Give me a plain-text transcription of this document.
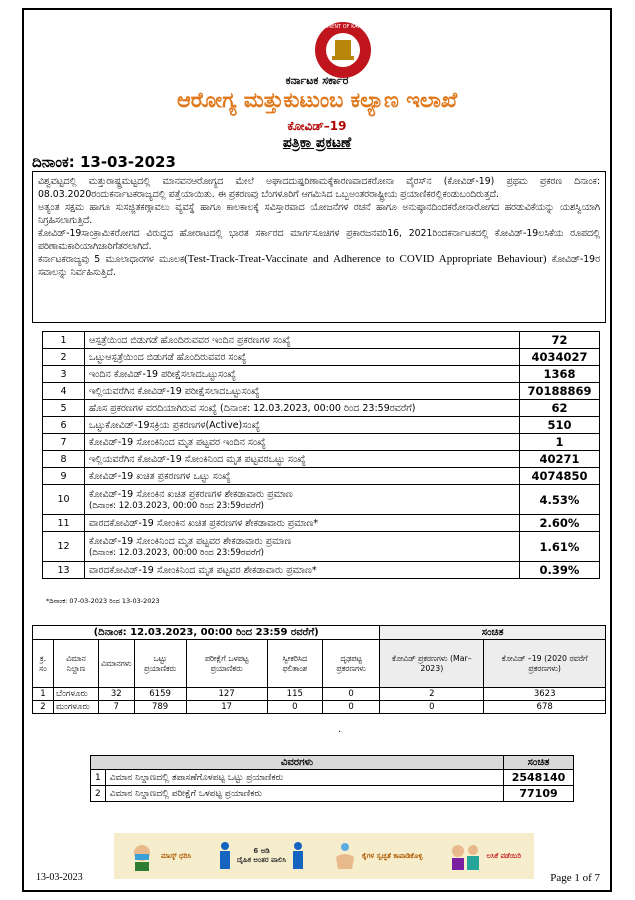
GOVERNMENT OF KARNATAKA
ಕರ್ನಾಟಕ ಸರ್ಕಾರ
ಆರೋಗ್ಯ ಮತ್ತುಕುಟುಂಬ ಕಲ್ಯಾಣ ಇಲಾಖೆ
ಕೋವಿಡ್–19
ಪತ್ರಿಕಾ ಪ್ರಕಟಣೆ
ದಿನಾಂಕ: 13-03-2023

ವಿಶ್ವವಟ್ಟದಲ್ಲಿ ಮತ್ತುರಾಷ್ಟ್ರಮಟ್ಟದಲ್ಲಿ ಮಾನವನಆರೋಗ್ಯದ ಮೇಲೆ ಅಘಾದದುಷ್ಪರಿಣಾಮಕ್ಕೆಕಾರಣವಾದಕರೋನಾ ವೈರಸ್‌ನ (ಕೋವಿಡ್-19) ಪ್ರಥಮ ಪ್ರಕರಣ ದಿನಾಂಕ: 08.03.2020ರಂದುಕರ್ನಾಟಕರಾಜ್ಯದಲ್ಲಿ ಪತ್ತೆಯಾಯಿತು. ಈ ಪ್ರಕರಣವು ಬೆಂಗಳೂರಿಗೆ ಆಗಮಿಸಿದ ಒಬ್ಬಅಂತರರಾಷ್ಟ್ರೀಯ ಪ್ರಯಾಣಿಕರಲ್ಲಿಕಂಡುಬಂದಿರುತ್ತದೆ.

ಅತ್ಯಂತ ಸಕ್ಷಮ ಹಾಗೂ ಸುಸಜ್ಜಿತಕಣ್ಗಾವಲು ವ್ಯವಸ್ಥೆ ಹಾಗೂ ಕಾಲಕಾಲಕ್ಕೆ ಸವಿಸ್ತಾರವಾದ ಯೋಜನೆಗಳ ರಚನೆ ಹಾಗೂ ಅನುಷ್ಠಾನದಿಂದಕರೋನಾರೋಗದ ಹರಡುವಿಕೆಯನ್ನು ಯಶಸ್ವಿಯಾಗಿ ನಿಗ್ರಹಿಸಲಾಗುತ್ತಿದೆ.

ಕೋವಿಡ್-19ಸಾಂಕ್ರಾಮಿಕರೋಗದ ವಿರುದ್ಧದ ಹೋರಾಟದಲ್ಲಿ ಭಾರತ ಸರ್ಕಾರದ ಮಾರ್ಗಸೂಚಿಗಳ ಪ್ರಕಾರಜನವರಿ16, 2021ರಿಂದಕರ್ನಾಟಕದಲ್ಲಿ ಕೋವಿಡ್-19ಲಸಿಕೆಯ ರೂಪದಲ್ಲಿ ಪರಿಣಾಮಕಾರಿಯಾಗಿಜಾರಿಗೆತರಲಾಗಿದೆ.

ಕರ್ನಾಟಕರಾಜ್ಯವು 5 ಮೂಲಾಧಾರಗಳ ಮೂಲಕ(Test-Track-Treat-Vaccinate and Adherence to COVID Appropriate Behaviour) ಕೋವಿಡ್-19ರ ಸವಾಲನ್ನು ನಿರ್ವಹಿಸುತ್ತಿದೆ.

1	ಆಸ್ಪತ್ರೆಯಿಂದ ಬಿಡುಗಡೆ ಹೊಂದಿರುವವರ ಇಂದಿನ ಪ್ರಕರಣಗಳ ಸಂಖ್ಯೆ	72
2	ಒಟ್ಟುಆಸ್ಪತ್ರೆಯಿಂದ ಬಿಡುಗಡೆ ಹೊಂದಿರುವವರ ಸಂಖ್ಯೆ	4034027
3	ಇಂದಿನ ಕೋವಿಡ್-19 ಪರೀಕ್ಷೆಸಲಾದಒಟ್ಟುಸಂಖ್ಯೆ	1368
4	ಇಲ್ಲಿಯವರೆಗಿನ ಕೋವಿಡ್-19 ಪರೀಕ್ಷೆಸಲಾದಒಟ್ಟುಸಂಖ್ಯೆ	70188869
5	ಹೊಸ ಪ್ರಕರಣಗಳ ವರದಿಯಾಗಿರುವ ಸಂಖ್ಯೆ (ದಿನಾಂಕ: 12.03.2023, 00:00 ರಿಂದ 23:59ರವರೆಗೆ)	62
6	ಒಟ್ಟುಕೋವಿಡ್-19ಸಕ್ರಿಯ ಪ್ರಕರಣಗಳ(Active)ಸಂಖ್ಯೆ	510
7	ಕೋವಿಡ್-19 ಸೋಂಕಿನಿಂದ ಮೃತ ಪಟ್ಟವರ ಇಂದಿನ ಸಂಖ್ಯೆ	1
8	ಇಲ್ಲಿಯವರೆಗಿನ ಕೋವಿಡ್-19 ಸೋಂಕಿನಿಂದ ಮೃತ ಪಟ್ಟವರಒಟ್ಟು ಸಂಖ್ಯೆ	40271
9	ಕೋವಿಡ್-19 ಖಚಿತ ಪ್ರಕರಣಗಳ ಒಟ್ಟು ಸಂಖ್ಯೆ	4074850
10	ಕೋವಿಡ್-19 ಸೋಂಕಿನ ಖಚಿತ ಪ್ರಕರಣಗಳ ಶೇಕಡಾವಾರು ಪ್ರಮಾಣ
(ದಿನಾಂಕ: 12.03.2023, 00:00 ರಿಂದ 23:59ರವರೆಗೆ)	4.53%
11	ವಾರದಕೋವಿಡ್-19 ಸೋಂಕಿನ ಖಚಿತ ಪ್ರಕರಣಗಳ ಶೇಕಡಾವಾರು ಪ್ರಮಾಣ*	2.60%
12	ಕೋವಿಡ್-19 ಸೋಂಕಿನಿಂದ ಮೃತ ಪಟ್ಟವರ ಶೇಕಡಾವಾರು ಪ್ರಮಾಣ
(ದಿನಾಂಕ: 12.03.2023, 00:00 ರಿಂದ 23:59ರವರೆಗೆ)	1.61%
13	ವಾರದಕೋವಿಡ್-19 ಸೋಂಕಿನಿಂದ ಮೃತ ಪಟ್ಟವರ ಶೇಕಡಾವಾರು ಪ್ರಮಾಣ*	0.39%
*ದಿನಾಂಕ: 07-03-2023 ರಿಂದ 13-03-2023
(ದಿನಾಂಕ: 12.03.2023, 00:00 ರಿಂದ 23:59 ರವರೆಗೆ)							ಸಂಚಿತ	
ಕ್ರ. ಸಂ	ವಿಮಾನ ನಿಲ್ದಾಣ	ವಿಮಾನಗಳು	ಒಟ್ಟು ಪ್ರಯಾಣಿಕರು	ಪರೀಕ್ಷೆಗೆ ಒಳಪಟ್ಟ ಪ್ರಯಾಣಿಕರು	ಸ್ವೀಕರಿಸಿದ ಫಲಿತಾಂಶ	ದೃಢಪಟ್ಟ ಪ್ರಕರಣಗಳು	ಕೋವಿಡ್ ಪ್ರಕರಣಗಳು (Mar–2023)	ಕೋವಿಡ್ –19 (2020 ರವರೆಗೆ ಪ್ರಕರಣಗಳು)
1	ಬೆಂಗಳೂರು	32	6159	127	115	0	2	3623
2	ಮಂಗಳೂರು	7	789	17	0	0	0	678
.
ವಿವರಗಳು		ಸಂಚಿತ
1	ವಿಮಾನ ನಿಲ್ದಾಣದಲ್ಲಿ ತಪಾಸಣೆಗೊಳಪಟ್ಟ ಒಟ್ಟು ಪ್ರಯಾಣಿಕರು	2548140
2	ವಿಮಾನ ನಿಲ್ದಾಣದಲ್ಲಿ ಪರೀಕ್ಷೆಗೆ ಒಳಪಟ್ಟ ಪ್ರಯಾಣಿಕರು	77109
ಮಾಸ್ಕ್ ಧರಿಸಿ
6 ಅಡಿ
ದೈಹಿಕ ಅಂತರ ಪಾಲಿಸಿ
ಕೈಗಳ ಸ್ವಚ್ಛತೆ ಕಾಪಾಡಿಕೊಳ್ಳಿ	ಲಸಿಕೆ ಪಡೆಯಿರಿ
13-03-2023	Page 1 of 7
